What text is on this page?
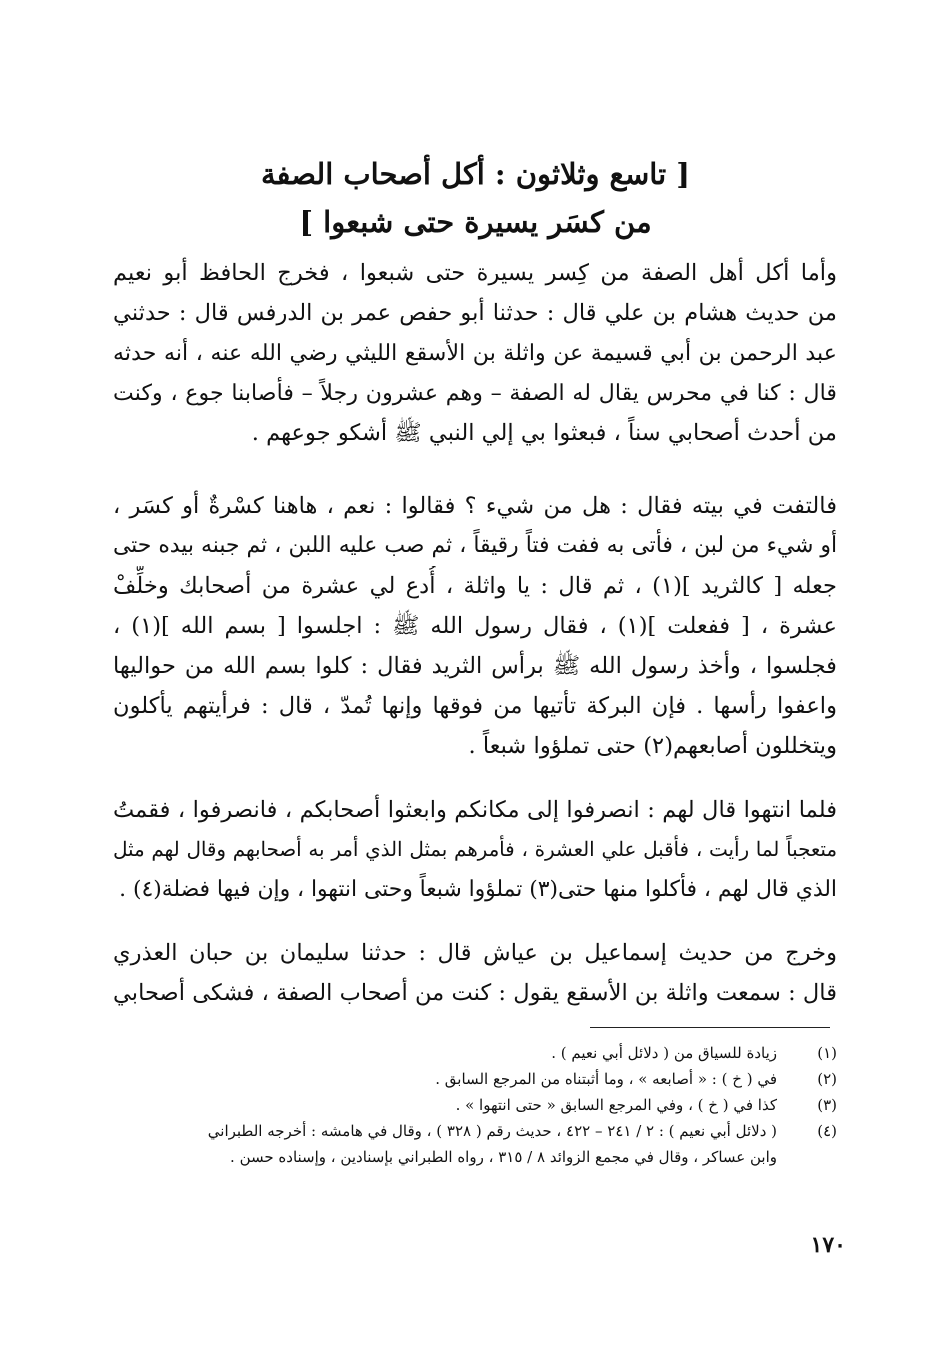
[ تاسع وثلاثون : أكل أصحاب الصفة
من كسَر يسيرة حتى شبعوا ]
وأما أكل أهل الصفة من كِسر يسيرة حتى شبعوا ، فخرج الحافظ أبو نعيم
من حديث هشام بن علي قال : حدثنا أبو حفص عمر بن الدرفس قال : حدثني
عبد الرحمن بن أبي قسيمة عن واثلة بن الأسقع الليثي رضي الله عنه ، أنه حدثه
قال : كنا في محرس يقال له الصفة – وهم عشرون رجلاً – فأصابنا جوع ، وكنت
من أحدث أصحابي سناً ، فبعثوا بي إلي النبي ﷺ أشكو جوعهم .
فالتفت في بيته فقال : هل من شيء ؟ فقالوا : نعم ، هاهنا كسْرةٌ أو كسَر ،
أو شيء من لبن ، فأتى به ففت فتاً رقيقاً ، ثم صب عليه اللبن ، ثم جبنه بيده حتى
جعله [ كالثريد ](١) ، ثم قال : يا واثلة ، أُدع لي عشرة من أصحابك وخلِّفْ
عشرة ، [ ففعلت ](١) ، فقال رسول الله ﷺ : اجلسوا [ بسم الله ](١) ،
فجلسوا ، وأخذ رسول الله ﷺ برأس الثريد فقال : كلوا بسم الله من حواليها
واعفوا رأسها . فإن البركة تأتيها من فوقها وإنها تُمدّ ، قال : فرأيتهم يأكلون
ويتخللون أصابعهم(٢) حتى تملؤوا شبعاً .
فلما انتهوا قال لهم : انصرفوا إلى مكانكم وابعثوا أصحابكم ، فانصرفوا ، فقمتُ
متعجباً لما رأيت ، فأقبل علي العشرة ، فأمرهم بمثل الذي أمر به أصحابهم وقال لهم مثل
الذي قال لهم ، فأكلوا منها حتى(٣) تملؤوا شبعاً وحتى انتهوا ، وإن فيها فضلة(٤) .
وخرج من حديث إسماعيل بن عياش قال : حدثنا سليمان بن حبان العذري
قال : سمعت واثلة بن الأسقع يقول : كنت من أصحاب الصفة ، فشكى أصحابي
(١)
زيادة للسياق من ( دلائل أبي نعيم ) .
(٢)
في ( خ ) : « أصابعه » ، وما أثبتناه من المرجع السابق .
(٣)
كذا في ( خ ) ، وفي المرجع السابق « حتى انتهوا » .
(٤)
( دلائل أبي نعيم ) : ٢ / ٢٤١ – ٤٢٢ ، حديث رقم ( ٣٢٨ ) ، وقال في هامشه : أخرجه الطبراني
وابن عساكر ، وقال في مجمع الزوائد ٨ / ٣١٥ ، رواه الطبراني بإسنادين ، وإسناده حسن .
١٧٠
